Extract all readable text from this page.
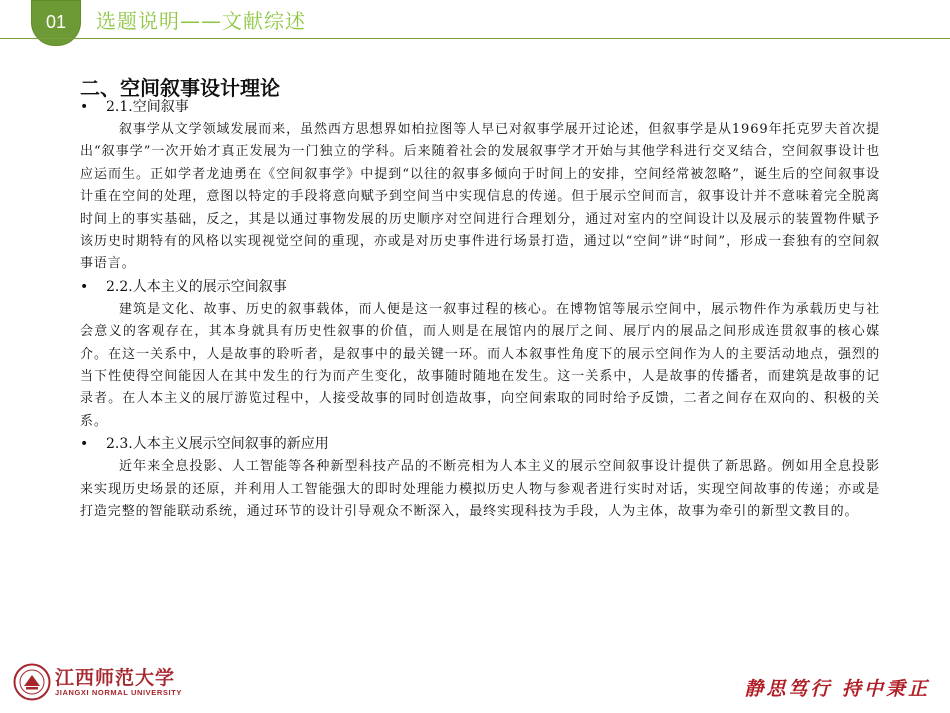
01	选题说明——文献综述
二、空间叙事设计理论
• 2.1.空间叙事

叙事学从文学领域发展而来，虽然西方思想界如柏拉图等人早已对叙事学展开过论述，但叙事学是从1969年托克罗夫首次提出“叙事学”一次开始才真正发展为一门独立的学科。后来随着社会的发展叙事学才开始与其他学科进行交叉结合，空间叙事设计也应运而生。正如学者龙迪勇在《空间叙事学》中提到“以往的叙事多倾向于时间上的安排，空间经常被忽略”，诞生后的空间叙事设计重在空间的处理，意图以特定的手段将意向赋予到空间当中实现信息的传递。但于展示空间而言，叙事设计并不意味着完全脱离时间上的事实基础，反之，其是以通过事物发展的历史顺序对空间进行合理划分，通过对室内的空间设计以及展示的装置物件赋予该历史时期特有的风格以实现视觉空间的重现，亦或是对历史事件进行场景打造，通过以“空间”讲“时间”，形成一套独有的空间叙事语言。

• 2.2.人本主义的展示空间叙事

建筑是文化、故事、历史的叙事载体，而人便是这一叙事过程的核心。在博物馆等展示空间中，展示物件作为承载历史与社会意义的客观存在，其本身就具有历史性叙事的价值，而人则是在展馆内的展厅之间、展厅内的展品之间形成连贯叙事的核心媒介。在这一关系中，人是故事的聆听者，是叙事中的最关键一环。而人本叙事性角度下的展示空间作为人的主要活动地点，强烈的当下性使得空间能因人在其中发生的行为而产生变化，故事随时随地在发生。这一关系中，人是故事的传播者，而建筑是故事的记录者。在人本主义的展厅游览过程中，人接受故事的同时创造故事，向空间索取的同时给予反馈，二者之间存在双向的、积极的关系。

• 2.3.人本主义展示空间叙事的新应用

近年来全息投影、人工智能等各种新型科技产品的不断亮相为人本主义的展示空间叙事设计提供了新思路。例如用全息投影来实现历史场景的还原，并利用人工智能强大的即时处理能力模拟历史人物与参观者进行实时对话，实现空间故事的传递；亦或是打造完整的智能联动系统，通过环节的设计引导观众不断深入，最终实现科技为手段，人为主体，故事为牵引的新型文教目的。

江西师范大学
JIANGXI NORMAL UNIVERSITY	静思笃行 持中秉正
